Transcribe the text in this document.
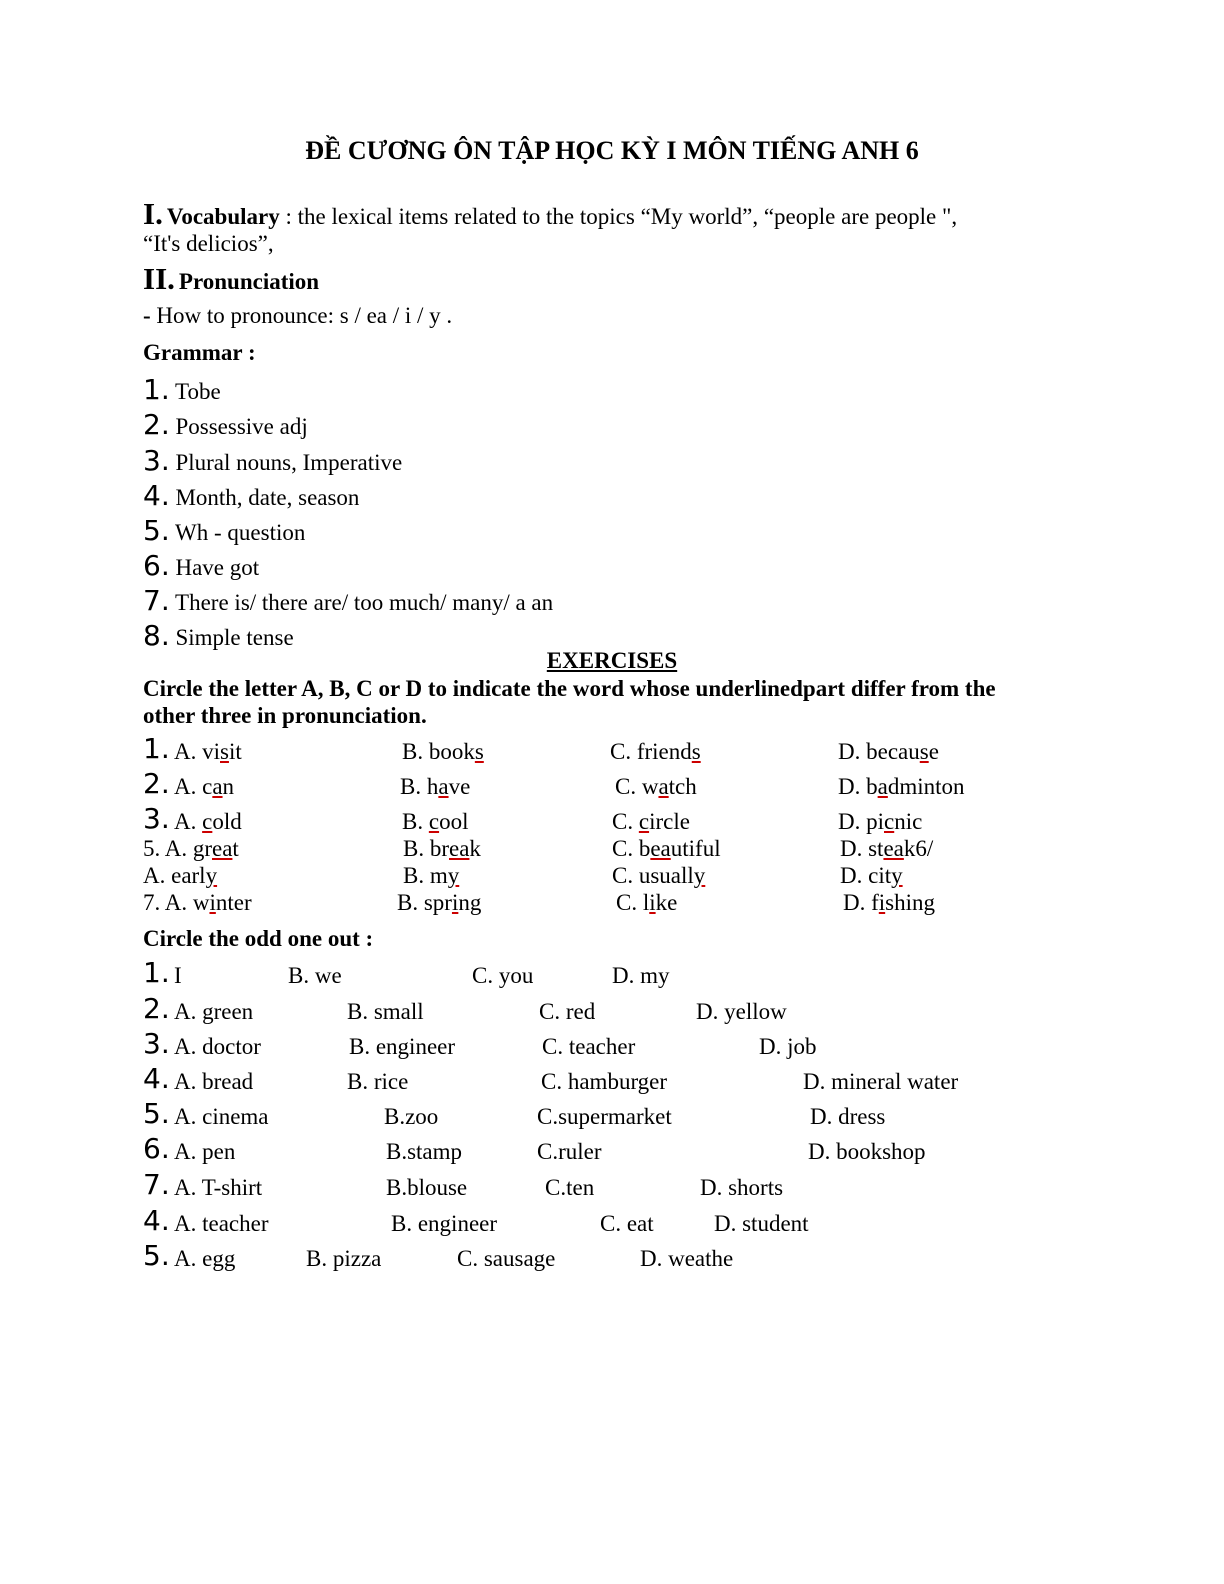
ĐỀ CƯƠNG ÔN TẬP HỌC KỲ I MÔN TIẾNG ANH 6
I. Vocabulary : the lexical items related to the topics “My world”, “people are people ",
“It's delicios”,
II. Pronunciation
- How to pronounce: s / ea / i / y .
Grammar :
1. Tobe
2. Possessive adj
3. Plural nouns, Imperative
4. Month, date, season
5. Wh - question
6. Have got
7. There is/ there are/ too much/ many/ a an
8. Simple tense
EXERCISES
Circle the letter A, B, C or D to indicate the word whose underlinedpart differ from the
other three in pronunciation.
1. A. visit	B. books	C. friends	D. because
2. A. can	B. have	C. watch	D. badminton
3. A. cold	B. cool	C. circle	D. picnic
5. A. great	B. break	C. beautiful	D. steak6/
A. early	B. my	C. usually	D. city
7. A. winter	B. spring	C. like	D. fishing
Circle the odd one out :
1. I	B. we	C. you	D. my
2. A. green	B. small	C. red	D. yellow
3. A. doctor	B. engineer	C. teacher	D. job
4. A. bread	B. rice	C. hamburger	D. mineral water
5. A. cinema	B.zoo	C.supermarket	D. dress
6. A. pen	B.stamp	C.ruler	D. bookshop
7. A. T-shirt	B.blouse	C.ten	D. shorts
4. A. teacher	B. engineer	C. eat	D. student
5. A. egg	B. pizza	C. sausage	D. weathe
